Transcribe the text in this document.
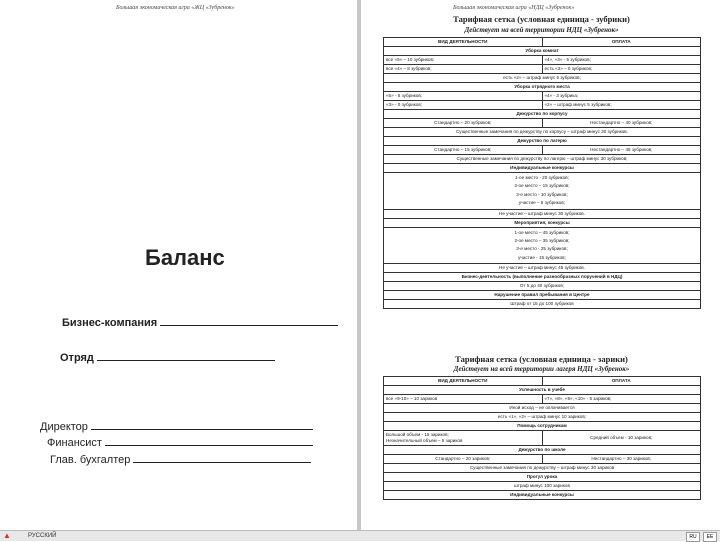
Большая экономическая игра «ЖЦ «Зубренок»
Баланс
Бизнес-компания
Отряд
Директор
Финансист
Глав. бухгалтер
Большая экономическая игра «НДЦ «Зубренок»
Тарифная сетка (условная единица - зубрики)
Действует на всей территории НДЦ «Зубренок»
ВИД ДЕЯТЕЛЬНОСТИ	ОПЛАТА
Уборка комнат	
все «5» – 10 зубриков;	«4», «3» - 5 зубриков;
все «4» – 8 зубриков;	есть «3» – 0 зубриков;
есть «2» – штраф минус 5 зубриков;	
Уборка отрядного места	
«5» - 5 зубриков;	«4» - 3 зубрика;
«3» - 0 зубриков;	«2» – штраф минус 5 зубриков;
Дежурство по корпусу	
Стандартно – 20 зубриков;	Нестандартно – 40 зубриков;
Существенные замечания по дежурству по корпусу – штраф минус 30 зубриков.	
Дежурство по лагерю	
Стандартно – 15 зубриков;	Нестандартно – 45 зубриков;
Существенные замечания по дежурству по лагерю – штраф минус 30 зубриков;	
Индивидуальные конкурсы	

1-ое место - 20 зубриков;
2-ое место – 15 зубриков;
3-е место - 10 зубриков;
участие – 5 зубриков;	

Не участие – штраф минус 30 зубриков.	
Мероприятия, конкурсы	

1-ое место – 45 зубриков;
2-ое место – 35 зубриков;
3-е место - 25 зубриков;
участие - 15 зубриков;	

Не участие – штраф минус 45 зубриков.	
Бизнес-деятельность (выполнение разнообразных поручений в НДЦ)	
От 5 до 40 зубриков;	
Нарушение правил пребывания в Центре	
Штраф от 15 до 100 зубриков	
Тарифная сетка (условная единица - зарики)
Действует на всей территории лагеря НДЦ «Зубренок»
ВИД ДЕЯТЕЛЬНОСТИ	ОПЛАТА
Успешность в учебе	
все «9-10» – 10 зариков	«7», «8», «9», «10» - 5 зариков;
Иной исход – не оплачивается	
есть «1», «2» – штраф минус 10 зариков;	
Помощь сотрудникам	

Большой объем - 15 зариков;
Незначительный объем – 5 зариков	Средний объем - 10 зариков;
Дежурство по школе	
Стандартно – 20 зариков;	Нестандартно – 30 зариков;
Существенные замечания по дежурству – штраф минус 30 зариков	
Прогул урока	
штраф минус 100 зариков	
Индивидуальные конкурсы	
▲	РУССКИЙ	RU	EE
